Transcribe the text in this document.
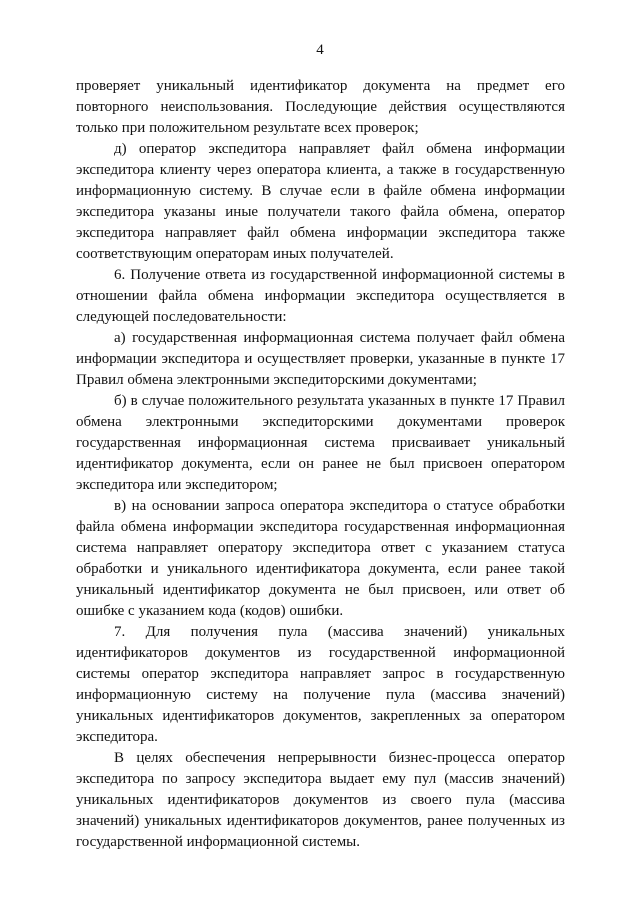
4

проверяет уникальный идентификатор документа на предмет его повторного неиспользования. Последующие действия осуществляются только при положительном результате всех проверок;

д) оператор экспедитора направляет файл обмена информации экспедитора клиенту через оператора клиента, а также в государственную информационную систему. В случае если в файле обмена информации экспедитора указаны иные получатели такого файла обмена, оператор экспедитора направляет файл обмена информации экспедитора также соответствующим операторам иных получателей.

6. Получение ответа из государственной информационной системы в отношении файла обмена информации экспедитора осуществляется в следующей последовательности:

а) государственная информационная система получает файл обмена информации экспедитора и осуществляет проверки, указанные в пункте 17 Правил обмена электронными экспедиторскими документами;

б) в случае положительного результата указанных в пункте 17 Правил обмена электронными экспедиторскими документами проверок государственная информационная система присваивает уникальный идентификатор документа, если он ранее не был присвоен оператором экспедитора или экспедитором;

в) на основании запроса оператора экспедитора о статусе обработки файла обмена информации экспедитора государственная информационная система направляет оператору экспедитора ответ с указанием статуса обработки и уникального идентификатора документа, если ранее такой уникальный идентификатор документа не был присвоен, или ответ об ошибке с указанием кода (кодов) ошибки.

7. Для получения пула (массива значений) уникальных идентификаторов документов из государственной информационной системы оператор экспедитора направляет запрос в государственную информационную систему на получение пула (массива значений) уникальных идентификаторов документов, закрепленных за оператором экспедитора.

В целях обеспечения непрерывности бизнес-процесса оператор экспедитора по запросу экспедитора выдает ему пул (массив значений) уникальных идентификаторов документов из своего пула (массива значений) уникальных идентификаторов документов, ранее полученных из государственной информационной системы.
